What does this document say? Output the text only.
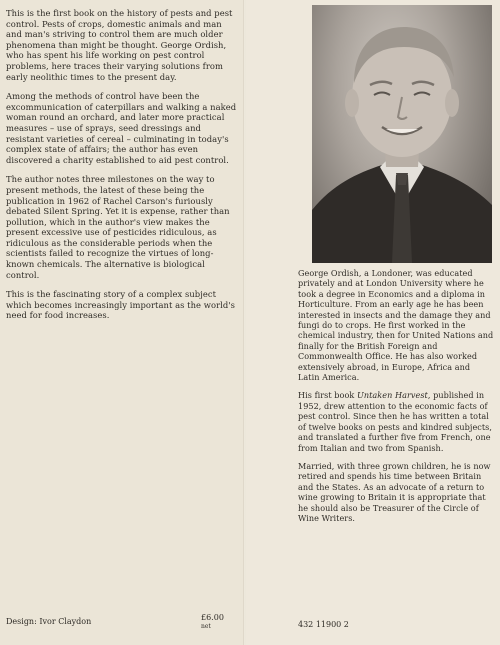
This is the first book on the history of pests and pest control. Pests of crops, domestic animals and man and man's striving to control them are much older phenomena than might be thought. George Ordish, who has spent his life working on pest control problems, here traces their varying solutions from early neolithic times to the present day.

Among the methods of control have been the excommunication of caterpillars and walking a naked woman round an orchard, and later more practical measures – use of sprays, seed dressings and resistant varieties of cereal – culminating in today's complex state of affairs; the author has even discovered a charity established to aid pest control.

The author notes three milestones on the way to present methods, the latest of these being the publication in 1962 of Rachel Carson's furiously debated Silent Spring. Yet it is expense, rather than pollution, which in the author's view makes the present excessive use of pesticides ridiculous, as ridiculous as the considerable periods when the scientists failed to recognize the virtues of long-known chemicals. The alternative is biological control.

This is the fascinating story of a complex subject which becomes increasingly important as the world's need for food increases.

George Ordish, a Londoner, was educated privately and at London University where he took a degree in Economics and a diploma in Horticulture. From an early age he has been interested in insects and the damage they and fungi do to crops. He first worked in the chemical industry, then for United Nations and finally for the British Foreign and Commonwealth Office. He has also worked extensively abroad, in Europe, Africa and Latin America.

His first book Untaken Harvest, published in 1952, drew attention to the economic facts of pest control. Since then he has written a total of twelve books on pests and kindred subjects, and translated a further five from French, one from Italian and two from Spanish.

Married, with three grown children, he is now retired and spends his time between Britain and the States. As an advocate of a return to wine growing to Britain it is appropriate that he should also be Treasurer of the Circle of Wine Writers.

Design: Ivor Claydon	£6.00
net	432 11900 2
